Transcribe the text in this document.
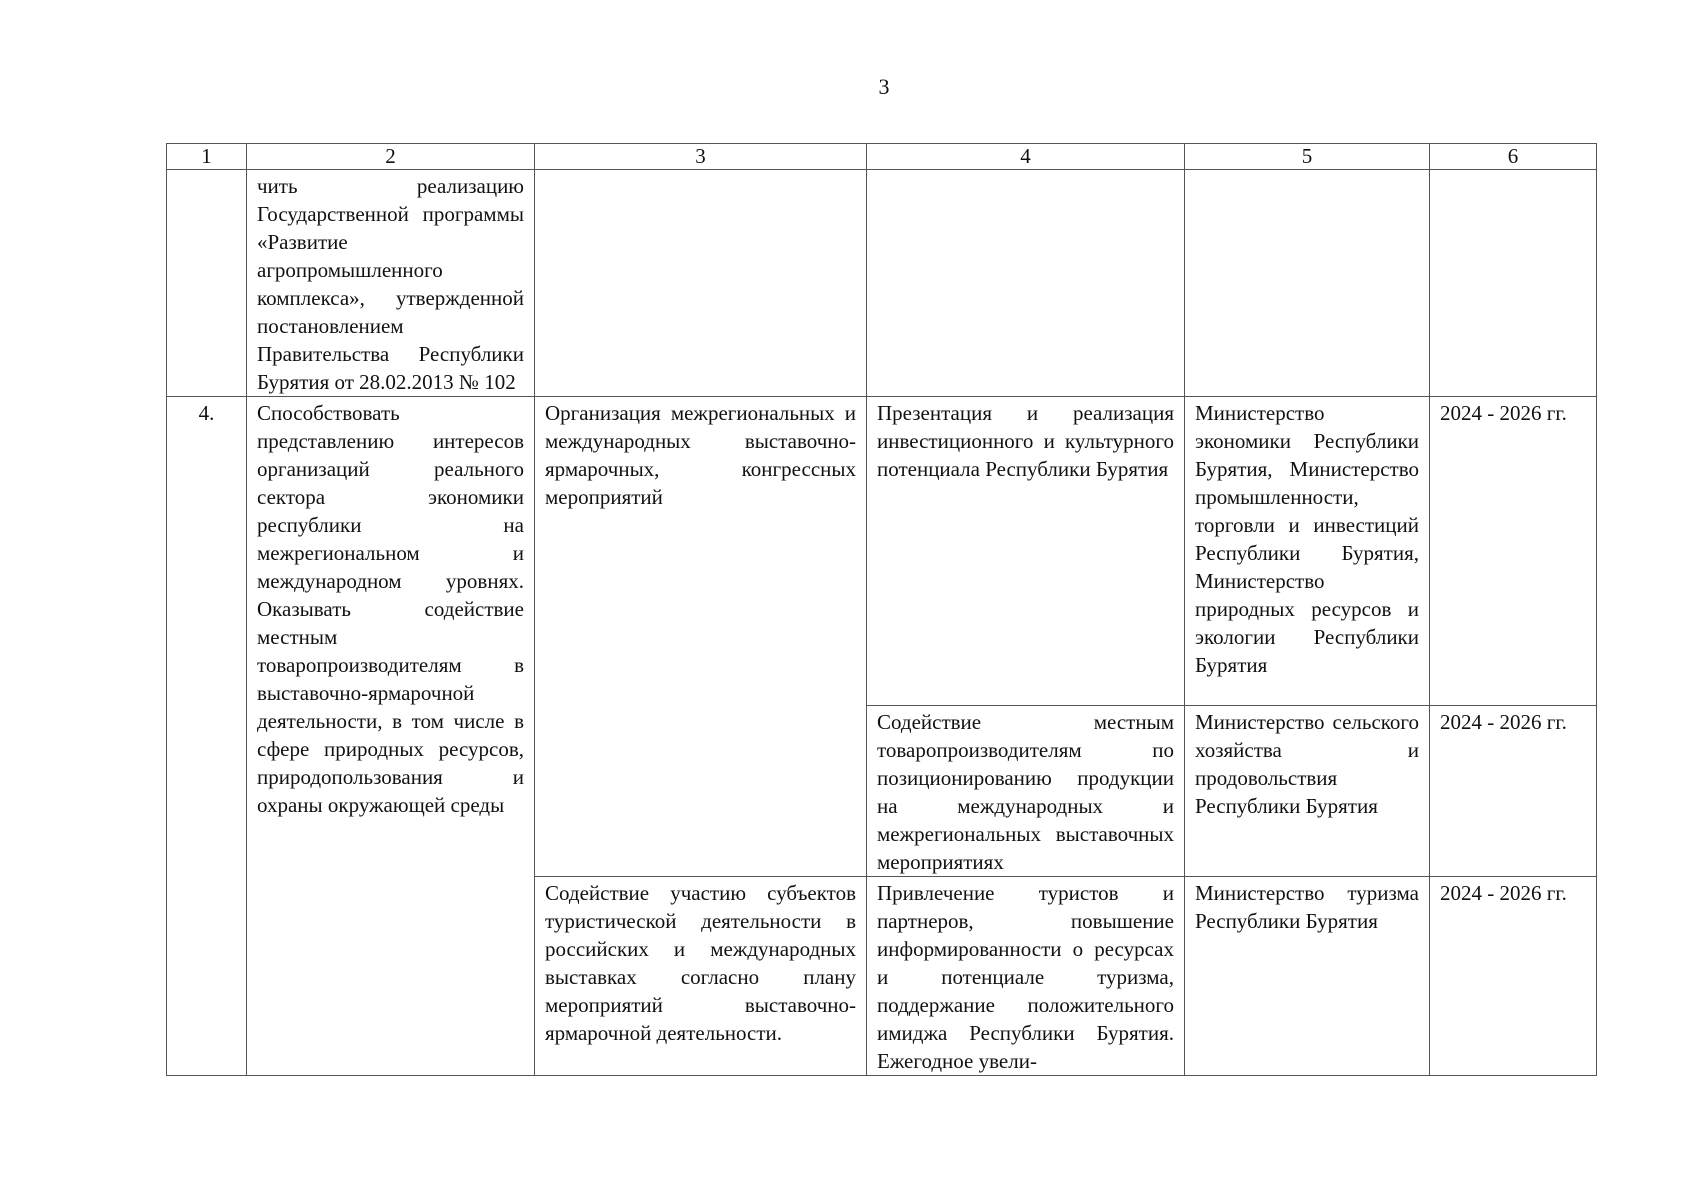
3
1	2	3	4	5	6
	чить реализацию Государственной программы «Развитие агропромышленного комплекса», утвержденной постановлением Правительства Республики Бурятия от 28.02.2013 № 102				
4.	Способствовать представлению интересов организаций реального сектора экономики республики на межрегиональном и международном уровнях. Оказывать содействие местным товаропроизводителям в выставочно-ярмарочной деятельности, в том числе в сфере природных ресурсов, природопользования и охраны окружающей среды	Организация межрегиональных и международных выставочно-ярмарочных, конгрессных мероприятий	Презентация и реализация инвестиционного и культурного потенциала Республики Бурятия	Министерство экономики Республики Бурятия, Министерство промышленности, торговли и инвестиций Республики Бурятия, Министерство природных ресурсов и экологии Республики Бурятия	2024 - 2026 гг.
			Содействие местным товаропроизводителям по позиционированию продукции на международных и межрегиональных выставочных мероприятиях	Министерство сельского хозяйства и продовольствия Республики Бурятия	2024 - 2026 гг.
		Содействие участию субъектов туристической деятельности в российских и международных выставках согласно плану мероприятий выставочно-ярмарочной деятельности.	Привлечение туристов и партнеров, повышение информированности о ресурсах и потенциале туризма, поддержание положительного имиджа Республики Бурятия. Ежегодное увели-	Министерство туризма Республики Бурятия	2024 - 2026 гг.
